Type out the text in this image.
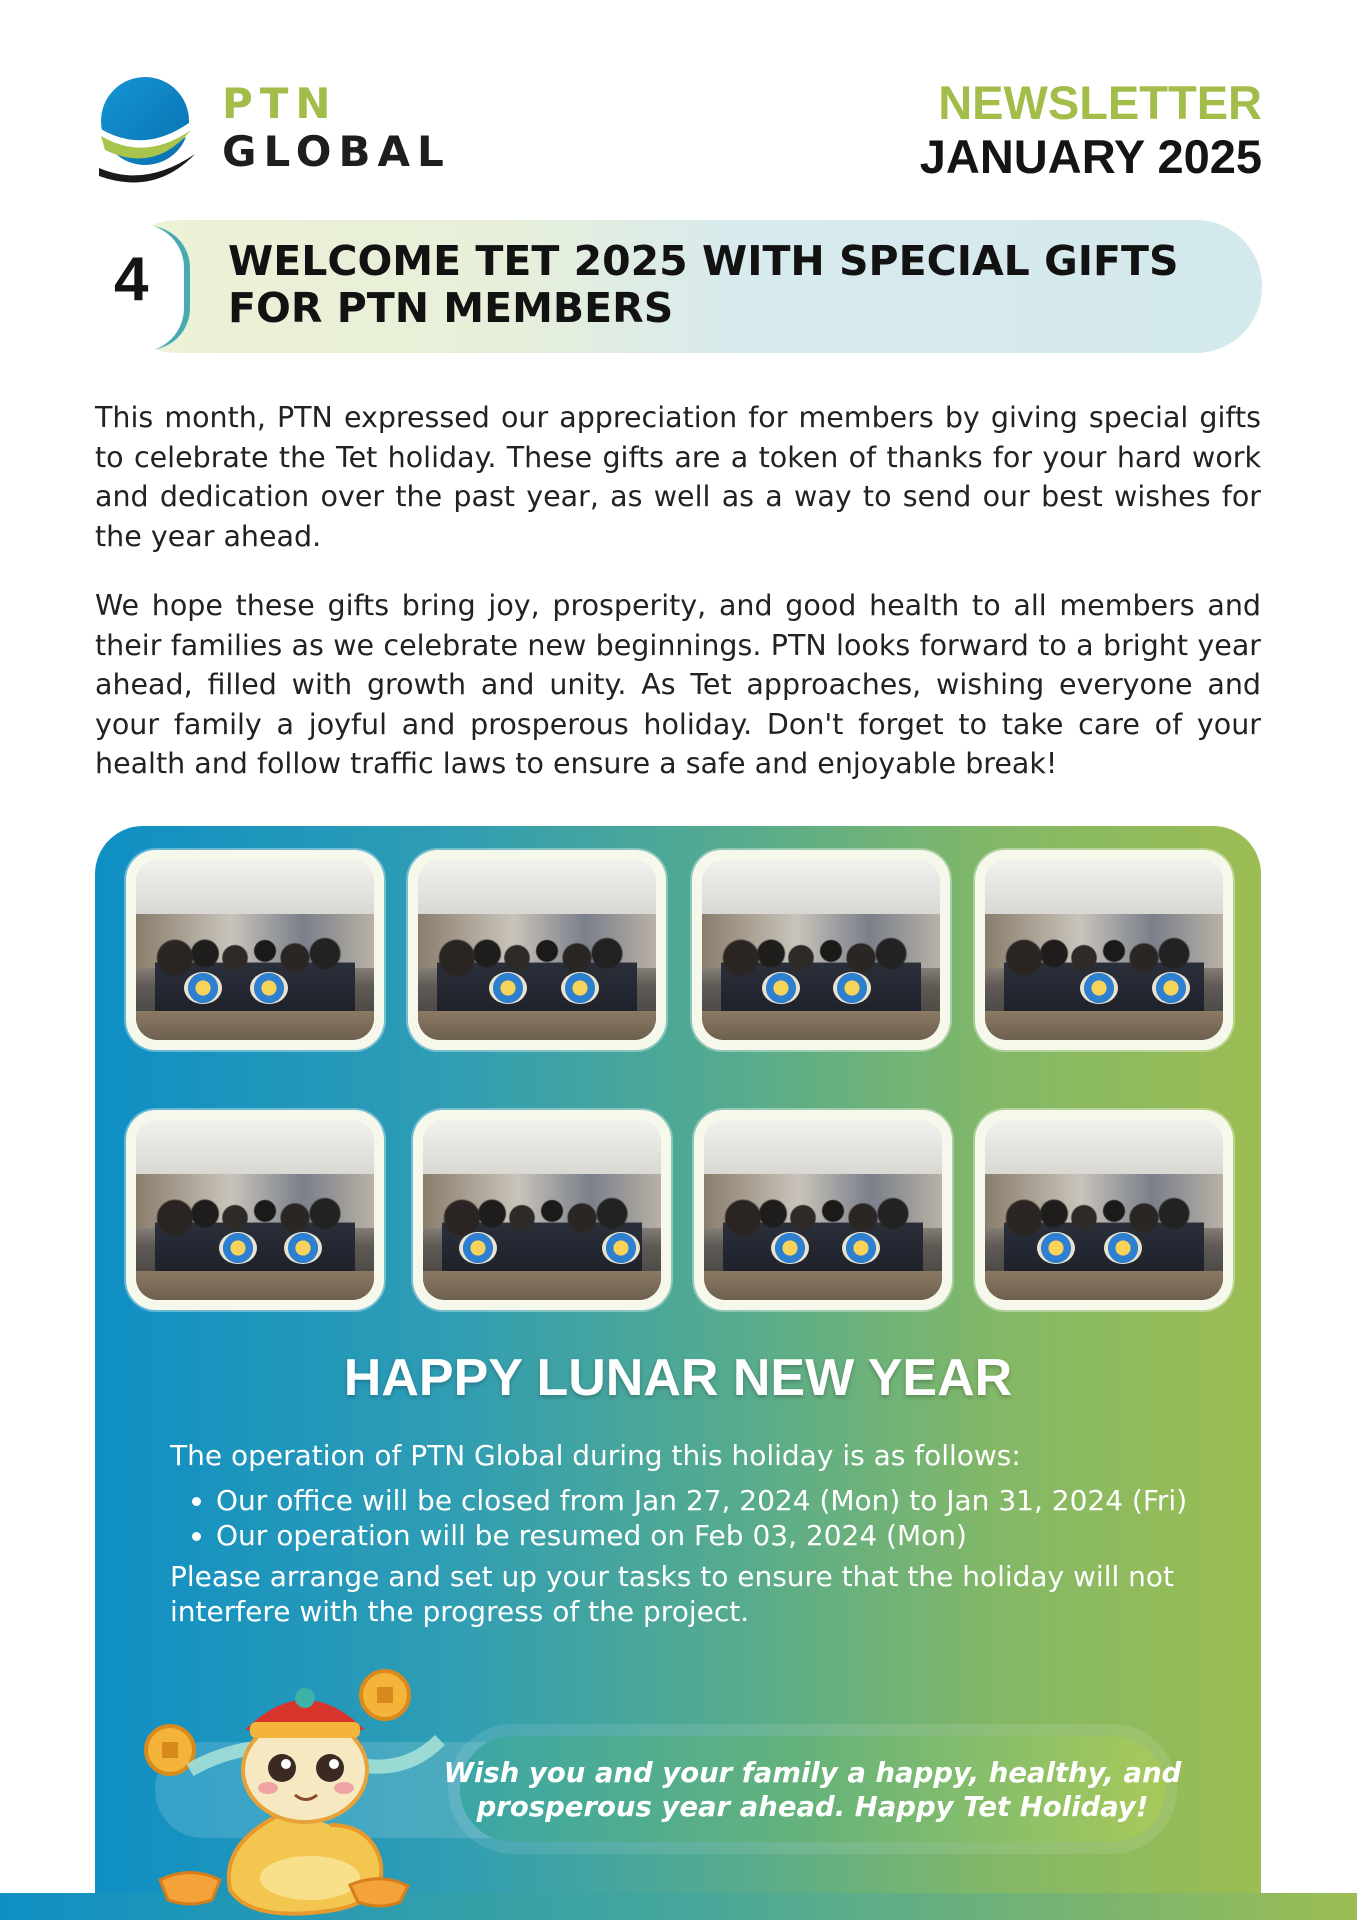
PTN
GLOBAL
NEWSLETTER
JANUARY 2025
4 WELCOME TET 2025 WITH SPECIAL GIFTS
FOR PTN MEMBERS

This month, PTN expressed our appreciation for members by giving special gifts to celebrate the Tet holiday. These gifts are a token of thanks for your hard work and dedication over the past year, as well as a way to send our best wishes for the year ahead.

We hope these gifts bring joy, prosperity, and good health to all members and their families as we celebrate new beginnings. PTN looks forward to a bright year ahead, filled with growth and unity. As Tet approaches, wishing everyone and your family a joyful and prosperous holiday. Don't forget to take care of your health and follow traffic laws to ensure a safe and enjoyable break!

HAPPY LUNAR NEW YEAR

The operation of PTN Global during this holiday is as follows:

• Our office will be closed from Jan 27, 2024 (Mon) to Jan 31, 2024 (Fri)
• Our operation will be resumed on Feb 03, 2024 (Mon)

Please arrange and set up your tasks to ensure that the holiday will not interfere with the progress of the project.

Wish you and your family a happy, healthy, and
prosperous year ahead. Happy Tet Holiday!
